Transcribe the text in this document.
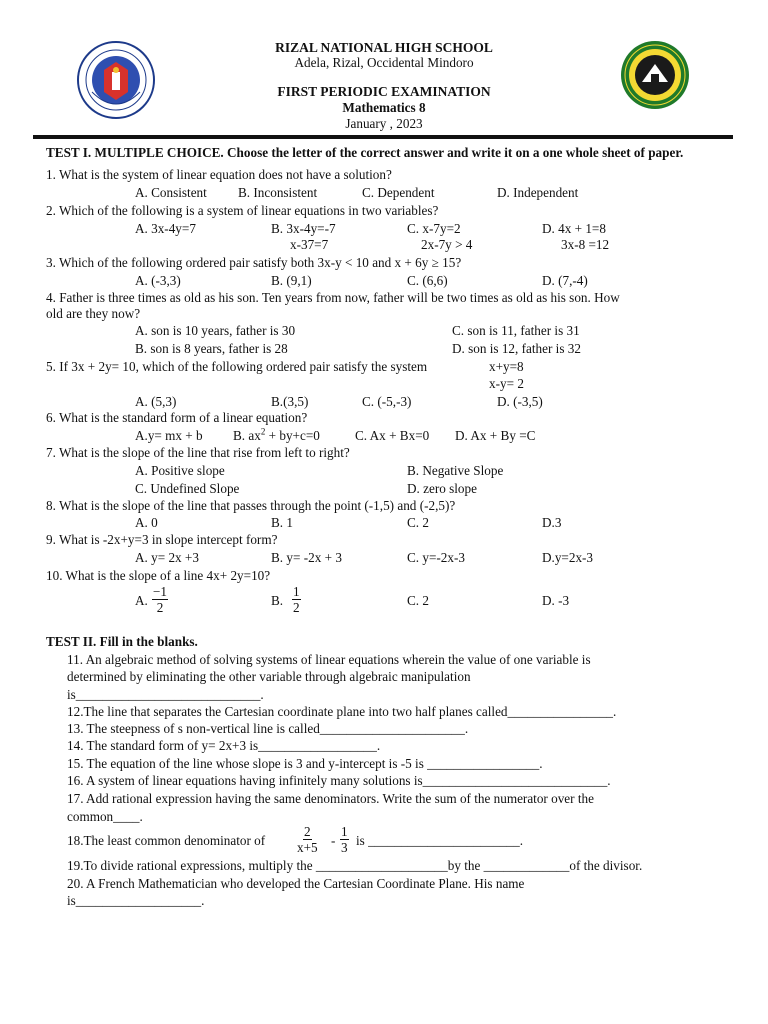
RIZAL NATIONAL HIGH SCHOOL
Adela, Rizal, Occidental Mindoro
FIRST PERIODIC EXAMINATION
Mathematics 8
January , 2023
TEST I. MULTIPLE CHOICE. Choose the letter of the correct answer and write it on a one whole sheet of paper.
1. What is the system of linear equation does not have a solution?
A. Consistent B. Inconsistent	C. Dependent	D. Independent
2. Which of the following is a system of linear equations in two variables?
A. 3x-4y=7	B. 3x-4y=-7
x-37=7
C. x-7y=2
2x-7y > 4
D. 4x + 1=8
3x-8 =12
3. Which of the following ordered pair satisfy both 3x-y < 10 and x + 6y ≥ 15?
A. (-3,3)	B. (9,1)	C. (6,6)	D. (7,-4)
4. Father is three times as old as his son. Ten years from now, father will be two times as old as his son. How
old are they now?
A. son is 10 years, father is 30
B. son is 8 years, father is 28
C. son is 11, father is 31
D. son is 12, father is 32
5. If 3x + 2y= 10, which of the following ordered pair satisfy the system	x+y=8
x-y= 2
A. (5,3)	B.(3,5)	C. (-5,-3)	D. (-3,5)
6. What is the standard form of a linear equation?
A.y= mx + b B. $ax^2 + by+c=0$	C. Ax + Bx=0 D. Ax + By =C
7. What is the slope of the line that rise from left to right?
A. Positive slope	B. Negative Slope
C. Undefined Slope	D. zero slope
8. What is the slope of the line that passes through the point (-1,5) and (-2,5)?
A. 0	B. 1	C. 2	D.3
9. What is -2x+y=3 in slope intercept form?
A. y= 2x +3	B. y= -2x + 3	C. y=-2x-3	D.y=2x-3
10. What is the slope of a line 4x+ 2y=10?
A. $\frac{-1}{2}$	B. $\frac{1}{2}$	C. 2	D. -3
TEST II. Fill in the blanks.
11. An algebraic method of solving systems of linear equations wherein the value of one variable is
determined by eliminating the other variable through algebraic manipulation
is____________________________.
12.The line that separates the Cartesian coordinate plane into two half planes called________________.
13. The steepness of s non-vertical line is called______________________.
14. The standard form of y= 2x+3 is__________________.
15. The equation of the line whose slope is 3 and y-intercept is -5 is _________________.
16. A system of linear equations having infinitely many solutions is____________________________.
17. Add rational expression having the same denominators. Write the sum of the numerator over the
common____.
18.The least common denominator of $\frac{2}{x+5} - \frac{1}{3}$ is _______________________.
19.To divide rational expressions, multiply the ____________________by the _____________of the divisor.
20. A French Mathematician who developed the Cartesian Coordinate Plane. His name
is___________________.
